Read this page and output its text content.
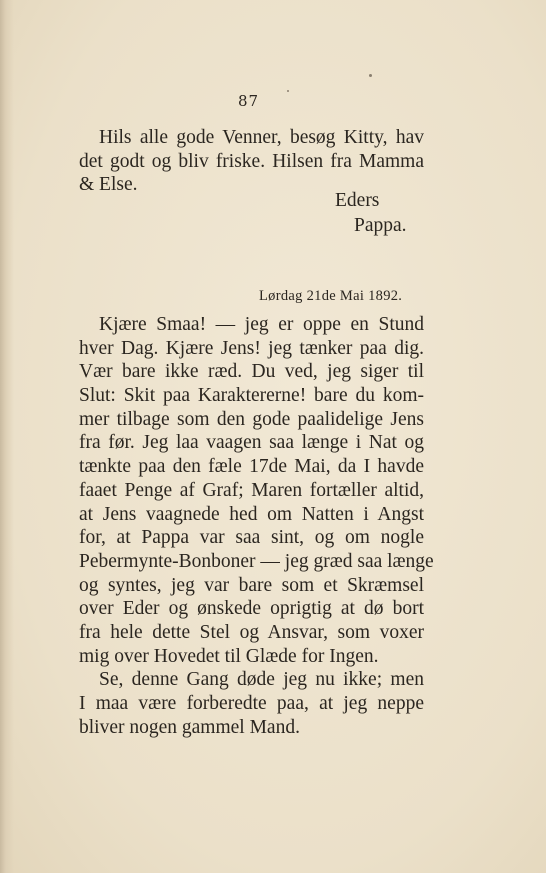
87
Hils alle gode Venner, besøg Kitty, hav
det godt og bliv friske. Hilsen fra Mamma
& Else.
Eders
Pappa.
Lørdag 21de Mai 1892.
Kjære Smaa! — jeg er oppe en Stund
hver Dag. Kjære Jens! jeg tænker paa dig.
Vær bare ikke ræd. Du ved, jeg siger til
Slut: Skit paa Karaktererne! bare du kom-
mer tilbage som den gode paalidelige Jens
fra før. Jeg laa vaagen saa længe i Nat og
tænkte paa den fæle 17de Mai, da I havde
faaet Penge af Graf; Maren fortæller altid,
at Jens vaagnede hed om Natten i Angst
for, at Pappa var saa sint, og om nogle
Pebermynte-Bonboner — jeg græd saa længe
og syntes, jeg var bare som et Skræmsel
over Eder og ønskede oprigtig at dø bort
fra hele dette Stel og Ansvar, som voxer
mig over Hovedet til Glæde for Ingen.
Se, denne Gang døde jeg nu ikke; men
I maa være forberedte paa, at jeg neppe
bliver nogen gammel Mand.
